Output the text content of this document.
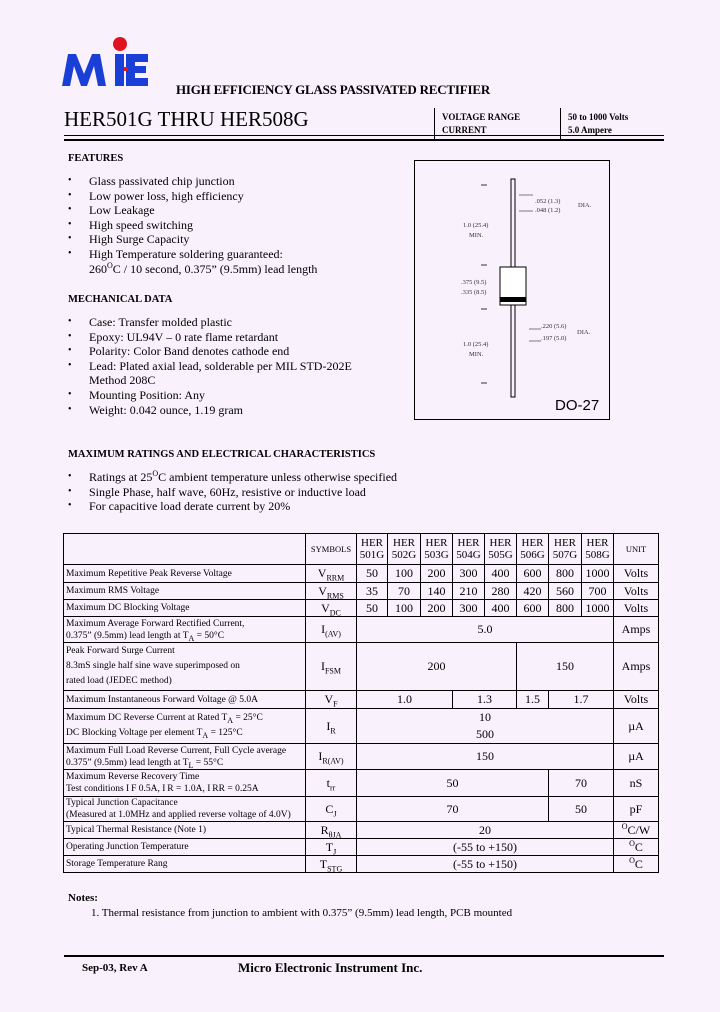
HIGH EFFICIENCY GLASS PASSIVATED RECTIFIER
HER501G THRU HER508G	VOLTAGE RANGE	50 to 1000 Volts
CURRENT	5.0 Ampere
FEATURES
• Glass passivated chip junction
• Low power loss, high efficiency
• Low Leakage
• High speed switching
• High Surge Capacity
• High Temperature soldering guaranteed:
$260^OC / 10$ second, 0.375” (9.5mm) lead length
MECHANICAL DATA
• Case: Transfer molded plastic
• Epoxy: UL94V – 0 rate flame retardant
• Polarity: Color Band denotes cathode end
• Lead: Plated axial lead, solderable per MIL STD-202E
Method 208C
• Mounting Position: Any
• Weight: 0.042 ounce, 1.19 gram
.052 (1.3)
DIA.
.048 (1.2)
1.0 (25.4)
MIN.
.375 (9.5)
.335 (8.5)
.220 (5.6)
DIA.
.197 (5.0)
1.0 (25.4)
MIN.
DO-27
MAXIMUM RATINGS AND ELECTRICAL CHARACTERISTICS
• Ratings at $25^OC$ ambient temperature unless otherwise specified
• Single Phase, half wave, 60Hz, resistive or inductive load
• For capacitive load derate current by 20%
	SYMBOLS	HER
501G	HER
502G	HER
503G	HER
504G	HER
505G	HER
506G	HER
507G	HER
508G	UNIT
Maximum Repetitive Peak Reverse Voltage	$V_{RRM}$	50	100	200	300	400	600	800	1000	Volts
Maximum RMS Voltage	$V_{RMS}$	35	70	140	210	280	420	560	700	Volts
Maximum DC Blocking Voltage	$V_{DC}$	50	100	200	300	400	600	800	1000	Volts
Maximum Average Forward Rectified Current,
0.375” (9.5mm) lead length at $T_A = 50^\circ C$	$I_{(AV)}$	5.0								Amps
Peak Forward Surge Current
8.3mS single half sine wave superimposed on
rated load (JEDEC method)	$I_{FSM}$	200					150			Amps
Maximum Instantaneous Forward Voltage @ 5.0A	$V_F$	1.0			1.3		1.5	1.7		Volts
Maximum DC Reverse Current at Rated $T_A = 25^\circ C$
DC Blocking Voltage per element $T_A = 125^\circ C$	$I_R$	10
500								µA
Maximum Full Load Reverse Current, Full Cycle average
0.375” (9.5mm) lead length at $T_L = 55^\circ C$	$I_{R(AV)}$	150								µA
Maximum Reverse Recovery Time
Test conditions I F 0.5A, I R = 1.0A, I RR = 0.25A	$t_{rr}$	50						70		nS
Typical Junction Capacitance
(Measured at 1.0MHz and applied reverse voltage of 4.0V)	$C_J$	70						50		pF
Typical Thermal Resistance (Note 1)	$R_{\theta JA}$	20								$^O$C/W
Operating Junction Temperature	$T_J$	(-55 to +150)								$^O$C
Storage Temperature Rang	$T_{STG}$	(-55 to +150)								$^O$C
Notes:
1. Thermal resistance from junction to ambient with 0.375” (9.5mm) lead length, PCB mounted
Sep-03, Rev A	Micro Electronic Instrument Inc.
